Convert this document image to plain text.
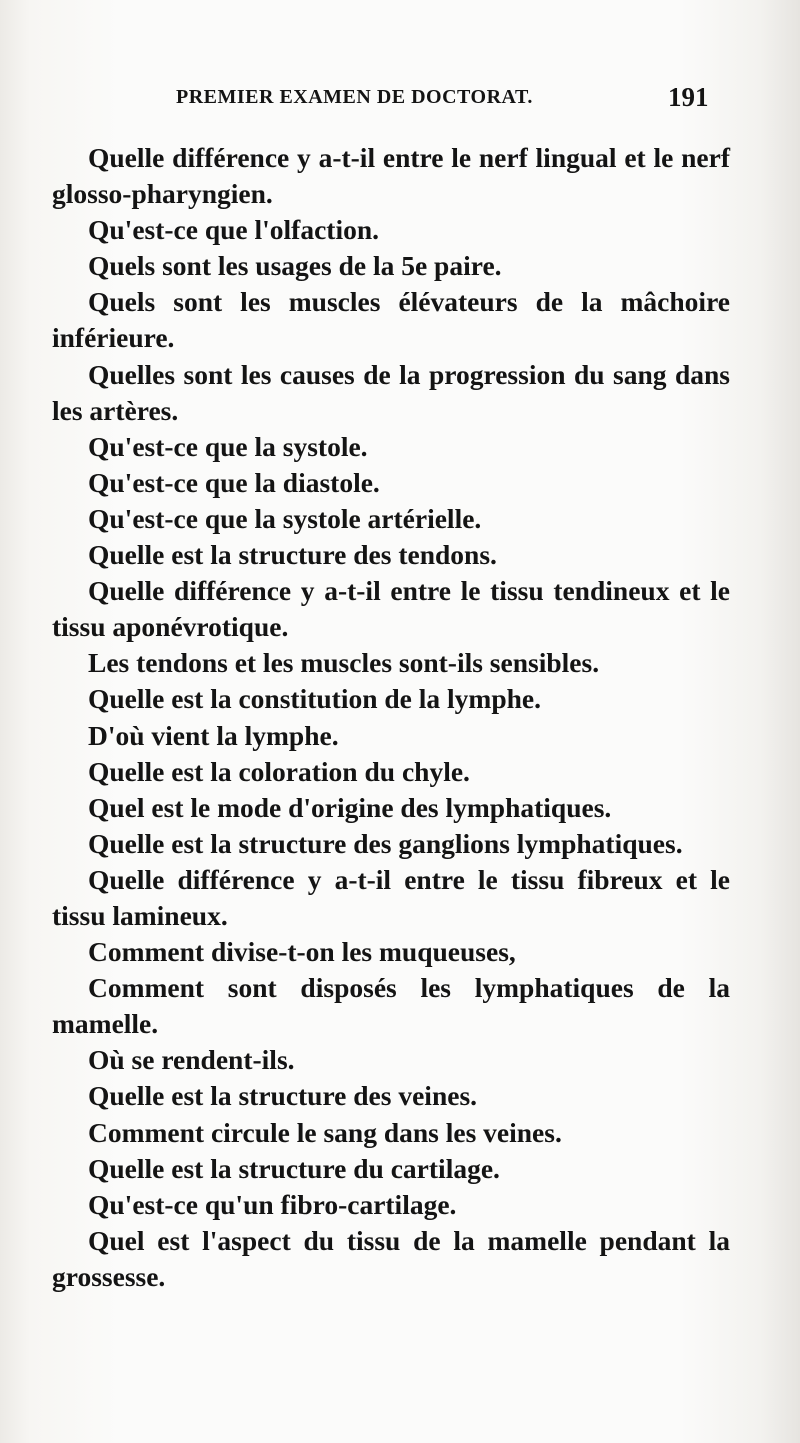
PREMIER EXAMEN DE DOCTORAT.	191

Quelle différence y a-t-il entre le nerf lingual et le nerf glosso-pharyngien.

Qu'est-ce que l'olfaction.

Quels sont les usages de la 5e paire.

Quels sont les muscles élévateurs de la mâchoire inférieure.

Quelles sont les causes de la progression du sang dans les artères.

Qu'est-ce que la systole.

Qu'est-ce que la diastole.

Qu'est-ce que la systole artérielle.

Quelle est la structure des tendons.

Quelle différence y a-t-il entre le tissu tendineux et le tissu aponévrotique.

Les tendons et les muscles sont-ils sensibles.

Quelle est la constitution de la lymphe.

D'où vient la lymphe.

Quelle est la coloration du chyle.

Quel est le mode d'origine des lymphatiques.

Quelle est la structure des ganglions lymphatiques.

Quelle différence y a-t-il entre le tissu fibreux et le tissu lamineux.

Comment divise-t-on les muqueuses,

Comment sont disposés les lymphatiques de la mamelle.

Où se rendent-ils.

Quelle est la structure des veines.

Comment circule le sang dans les veines.

Quelle est la structure du cartilage.

Qu'est-ce qu'un fibro-cartilage.

Quel est l'aspect du tissu de la mamelle pendant la grossesse.
